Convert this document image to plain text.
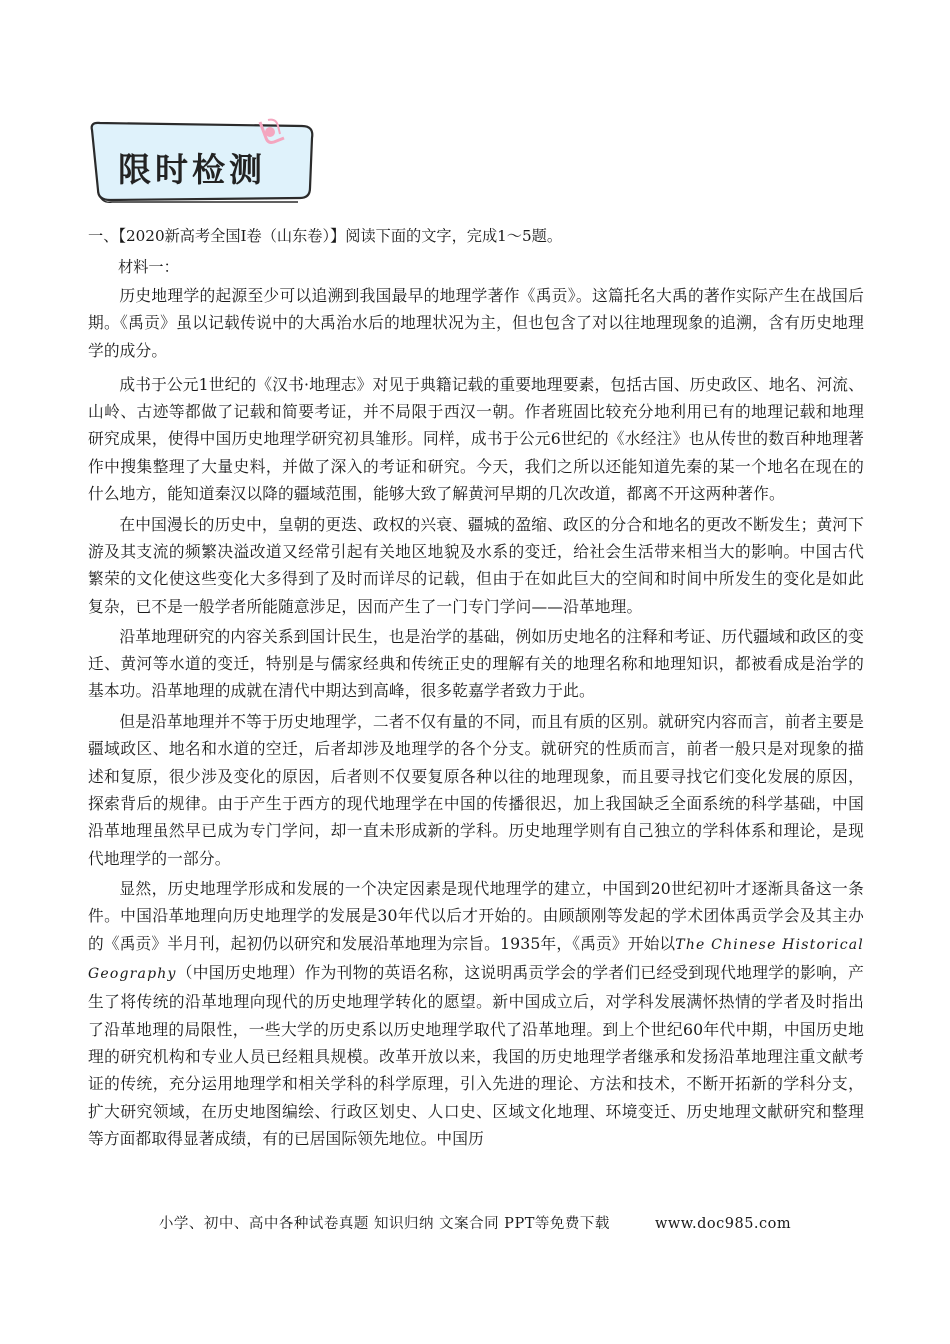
限时检测
一、【2020新高考全国Ⅰ卷（山东卷）】阅读下面的文字，完成1～5题。
材料一：

历史地理学的起源至少可以追溯到我国最早的地理学著作《禹贡》。这篇托名大禹的著作实际产生在战国后期。《禹贡》虽以记载传说中的大禹治水后的地理状况为主，但也包含了对以往地理现象的追溯，含有历史地理学的成分。

成书于公元1世纪的《汉书·地理志》对见于典籍记载的重要地理要素，包括古国、历史政区、地名、河流、山岭、古迹等都做了记载和简要考证，并不局限于西汉一朝。作者班固比较充分地利用已有的地理记载和地理研究成果，使得中国历史地理学研究初具雏形。同样，成书于公元6世纪的《水经注》也从传世的数百种地理著作中搜集整理了大量史料，并做了深入的考证和研究。今天，我们之所以还能知道先秦的某一个地名在现在的什么地方，能知道秦汉以降的疆域范围，能够大致了解黄河早期的几次改道，都离不开这两种著作。

在中国漫长的历史中，皇朝的更迭、政权的兴衰、疆城的盈缩、政区的分合和地名的更改不断发生；黄河下游及其支流的频繁决溢改道又经常引起有关地区地貌及水系的变迁，给社会生活带来相当大的影响。中国古代繁荣的文化使这些变化大多得到了及时而详尽的记载，但由于在如此巨大的空间和时间中所发生的变化是如此复杂，已不是一般学者所能随意涉足，因而产生了一门专门学问——沿革地理。

沿革地理研究的内容关系到国计民生，也是治学的基础，例如历史地名的注释和考证、历代疆域和政区的变迁、黄河等水道的变迁，特别是与儒家经典和传统正史的理解有关的地理名称和地理知识，都被看成是治学的基本功。沿革地理的成就在清代中期达到高峰，很多乾嘉学者致力于此。

但是沿革地理并不等于历史地理学，二者不仅有量的不同，而且有质的区别。就研究内容而言，前者主要是疆域政区、地名和水道的空迁，后者却涉及地理学的各个分支。就研究的性质而言，前者一般只是对现象的描述和复原，很少涉及变化的原因，后者则不仅要复原各种以往的地理现象，而且要寻找它们变化发展的原因，探索背后的规律。由于产生于西方的现代地理学在中国的传播很迟，加上我国缺乏全面系统的科学基础，中国沿革地理虽然早已成为专门学问，却一直未形成新的学科。历史地理学则有自己独立的学科体系和理论，是现代地理学的一部分。

显然，历史地理学形成和发展的一个决定因素是现代地理学的建立，中国到20世纪初叶才逐渐具备这一条件。中国沿革地理向历史地理学的发展是30年代以后才开始的。由顾颉刚等发起的学术团体禹贡学会及其主办的《禹贡》半月刊，起初仍以研究和发展沿革地理为宗旨。1935年，《禹贡》开始以The Chinese Historical Geography（中国历史地理）作为刊物的英语名称，这说明禹贡学会的学者们已经受到现代地理学的影响，产生了将传统的沿革地理向现代的历史地理学转化的愿望。新中国成立后，对学科发展满怀热情的学者及时指出了沿革地理的局限性，一些大学的历史系以历史地理学取代了沿革地理。到上个世纪60年代中期，中国历史地理的研究机构和专业人员已经粗具规模。改革开放以来，我国的历史地理学者继承和发扬沿革地理注重文献考证的传统，充分运用地理学和相关学科的科学原理，引入先进的理论、方法和技术，不断开拓新的学科分支，扩大研究领域，在历史地图编绘、行政区划史、人口史、区域文化地理、环境变迁、历史地理文献研究和整理等方面都取得显著成绩，有的已居国际领先地位。中国历

小学、初中、高中各种试卷真题 知识归纳 文案合同 PPT等免费下载	www.doc985.com
